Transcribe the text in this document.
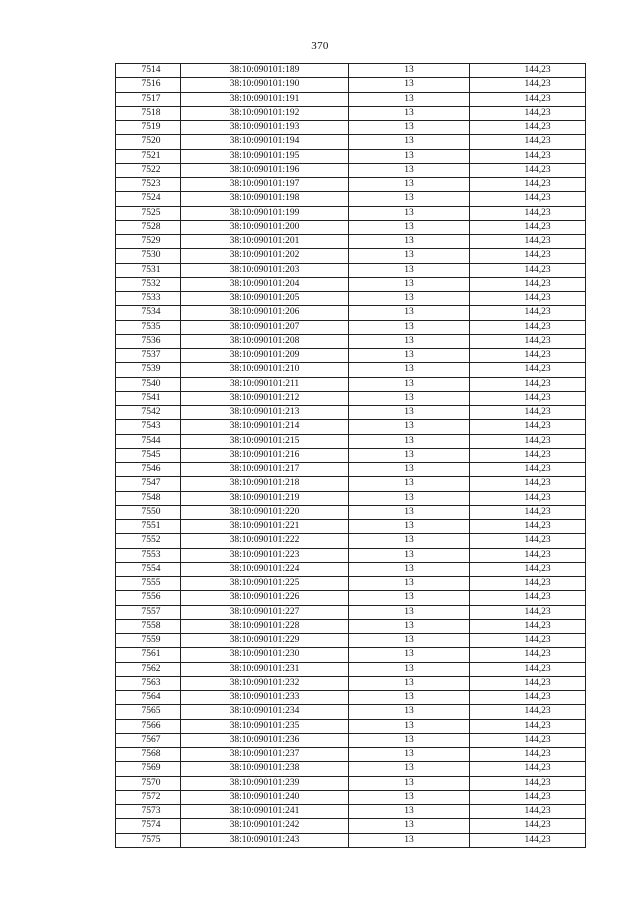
370
7514	38:10:090101:189	13	144,23
7516	38:10:090101:190	13	144,23
7517	38:10:090101:191	13	144,23
7518	38:10:090101:192	13	144,23
7519	38:10:090101:193	13	144,23
7520	38:10:090101:194	13	144,23
7521	38:10:090101:195	13	144,23
7522	38:10:090101:196	13	144,23
7523	38:10:090101:197	13	144,23
7524	38:10:090101:198	13	144,23
7525	38:10:090101:199	13	144,23
7528	38:10:090101:200	13	144,23
7529	38:10:090101:201	13	144,23
7530	38:10:090101:202	13	144,23
7531	38:10:090101:203	13	144,23
7532	38:10:090101:204	13	144,23
7533	38:10:090101:205	13	144,23
7534	38:10:090101:206	13	144,23
7535	38:10:090101:207	13	144,23
7536	38:10:090101:208	13	144,23
7537	38:10:090101:209	13	144,23
7539	38:10:090101:210	13	144,23
7540	38:10:090101:211	13	144,23
7541	38:10:090101:212	13	144,23
7542	38:10:090101:213	13	144,23
7543	38:10:090101:214	13	144,23
7544	38:10:090101:215	13	144,23
7545	38:10:090101:216	13	144,23
7546	38:10:090101:217	13	144,23
7547	38:10:090101:218	13	144,23
7548	38:10:090101:219	13	144,23
7550	38:10:090101:220	13	144,23
7551	38:10:090101:221	13	144,23
7552	38:10:090101:222	13	144,23
7553	38:10:090101:223	13	144,23
7554	38:10:090101:224	13	144,23
7555	38:10:090101:225	13	144,23
7556	38:10:090101:226	13	144,23
7557	38:10:090101:227	13	144,23
7558	38:10:090101:228	13	144,23
7559	38:10:090101:229	13	144,23
7561	38:10:090101:230	13	144,23
7562	38:10:090101:231	13	144,23
7563	38:10:090101:232	13	144,23
7564	38:10:090101:233	13	144,23
7565	38:10:090101:234	13	144,23
7566	38:10:090101:235	13	144,23
7567	38:10:090101:236	13	144,23
7568	38:10:090101:237	13	144,23
7569	38:10:090101:238	13	144,23
7570	38:10:090101:239	13	144,23
7572	38:10:090101:240	13	144,23
7573	38:10:090101:241	13	144,23
7574	38:10:090101:242	13	144,23
7575	38:10:090101:243	13	144,23
